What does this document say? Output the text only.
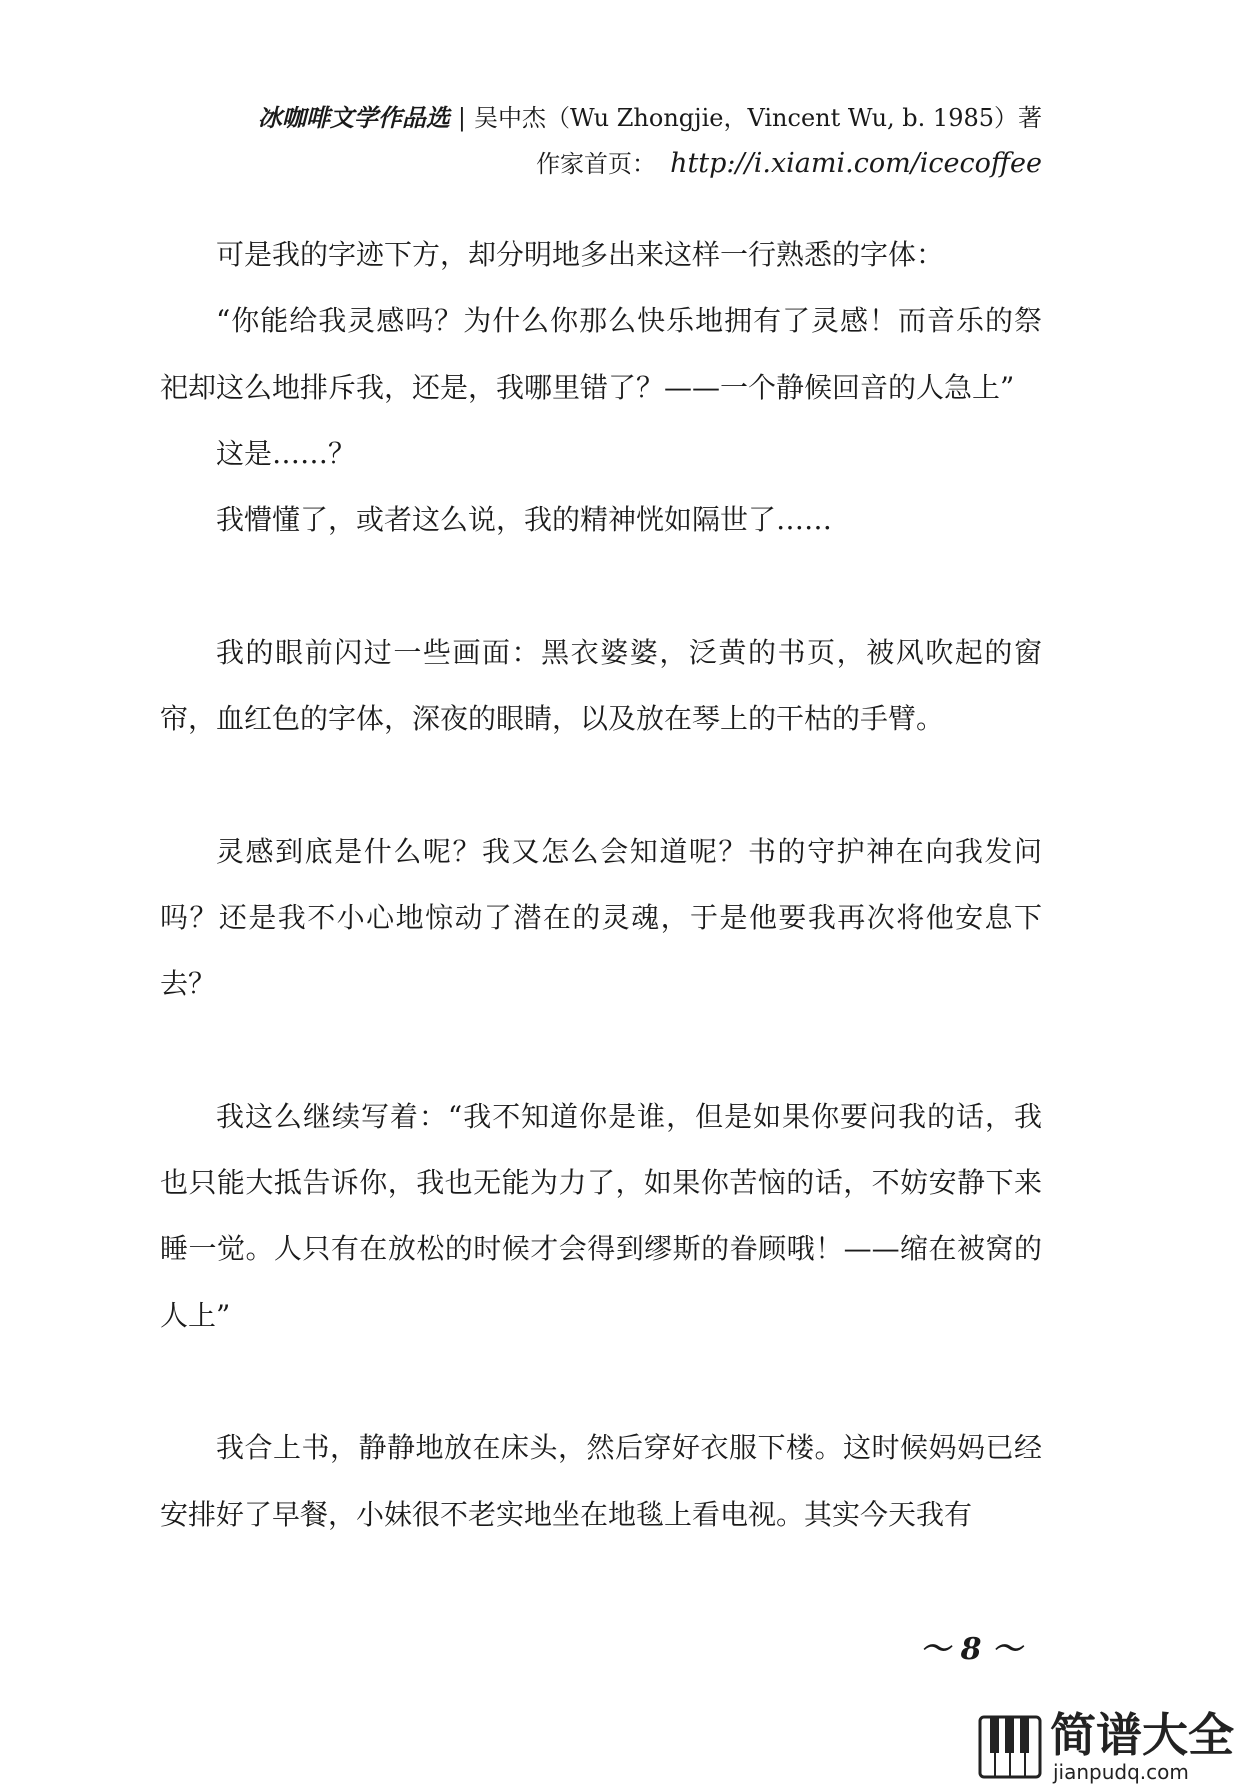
冰咖啡文学作品选 | 吴中杰（Wu Zhongjie，Vincent Wu, b. 1985）著
作家首页： http://i.xiami.com/icecoffee

可是我的字迹下方，却分明地多出来这样一行熟悉的字体：

“你能给我灵感吗？为什么你那么快乐地拥有了灵感！而音乐的祭祀却这么地排斥我，还是，我哪里错了？——一个静候回音的人急上”

这是……？

我懵懂了，或者这么说，我的精神恍如隔世了……

我的眼前闪过一些画面：黑衣婆婆，泛黄的书页，被风吹起的窗帘，血红色的字体，深夜的眼睛，以及放在琴上的干枯的手臂。

灵感到底是什么呢？我又怎么会知道呢？书的守护神在向我发问吗？还是我不小心地惊动了潜在的灵魂，于是他要我再次将他安息下去？

我这么继续写着：“我不知道你是谁，但是如果你要问我的话，我也只能大抵告诉你，我也无能为力了，如果你苦恼的话，不妨安静下来睡一觉。人只有在放松的时候才会得到缪斯的眷顾哦！——缩在被窝的人上”

我合上书，静静地放在床头，然后穿好衣服下楼。这时候妈妈已经安排好了早餐，小妹很不老实地坐在地毯上看电视。其实今天我有

～ 8 ～
简谱大全
jianpudq.com
